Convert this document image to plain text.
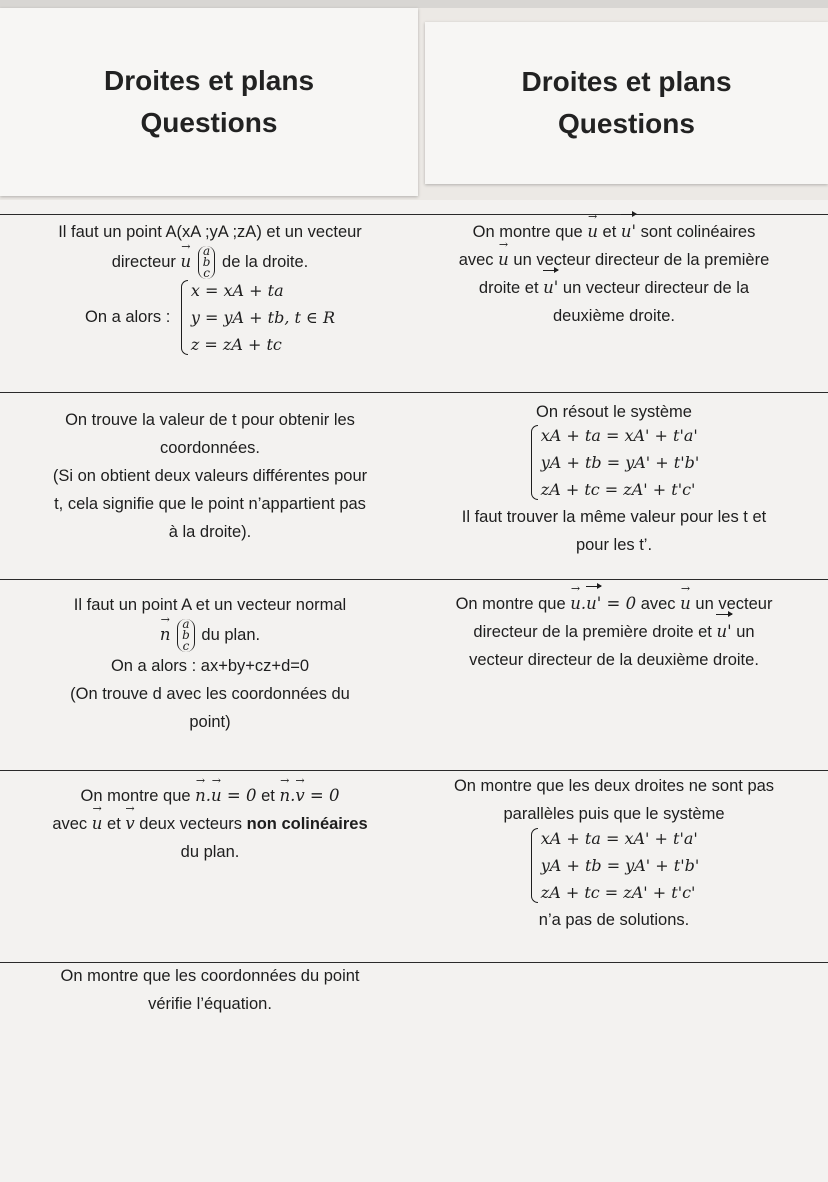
Droites et plans
Questions
Droites et plans
Questions

Il faut un point A(xA ;yA ;zA) et un vecteur

directeur → u
a
b
c
de la droite.

On a alors :
x = xA + ta
y = yA + tb, t ∈ R
z = zA + tc

On montre que → u et u' sont colinéaires

avec → u un vecteur directeur de la première

droite et u' un vecteur directeur de la

deuxième droite.

On trouve la valeur de t pour obtenir les

coordonnées.

(Si on obtient deux valeurs différentes pour

t, cela signifie que le point n’appartient pas

à la droite).

On résout le système

xA + ta = xA' + t'a'
yA + tb = yA' + t'b'
zA + tc = zA' + t'c'

Il faut trouver la même valeur pour les t et

pour les t’.

Il faut un point A et un vecteur normal

→ n
a
b
c
du plan.

On a alors : ax+by+cz+d=0

(On trouve d avec les coordonnées du

point)

On montre que → u.u' = 0 avec → u un vecteur

directeur de la première droite et u' un

vecteur directeur de la deuxième droite.

On montre que → n.→ u = 0 et → n.→ v = 0

avec → u et → v deux vecteurs non colinéaires

du plan.

On montre que les deux droites ne sont pas

parallèles puis que le système

xA + ta = xA' + t'a'
yA + tb = yA' + t'b'
zA + tc = zA' + t'c'

n’a pas de solutions.

On montre que les coordonnées du point

vérifie l’équation.
